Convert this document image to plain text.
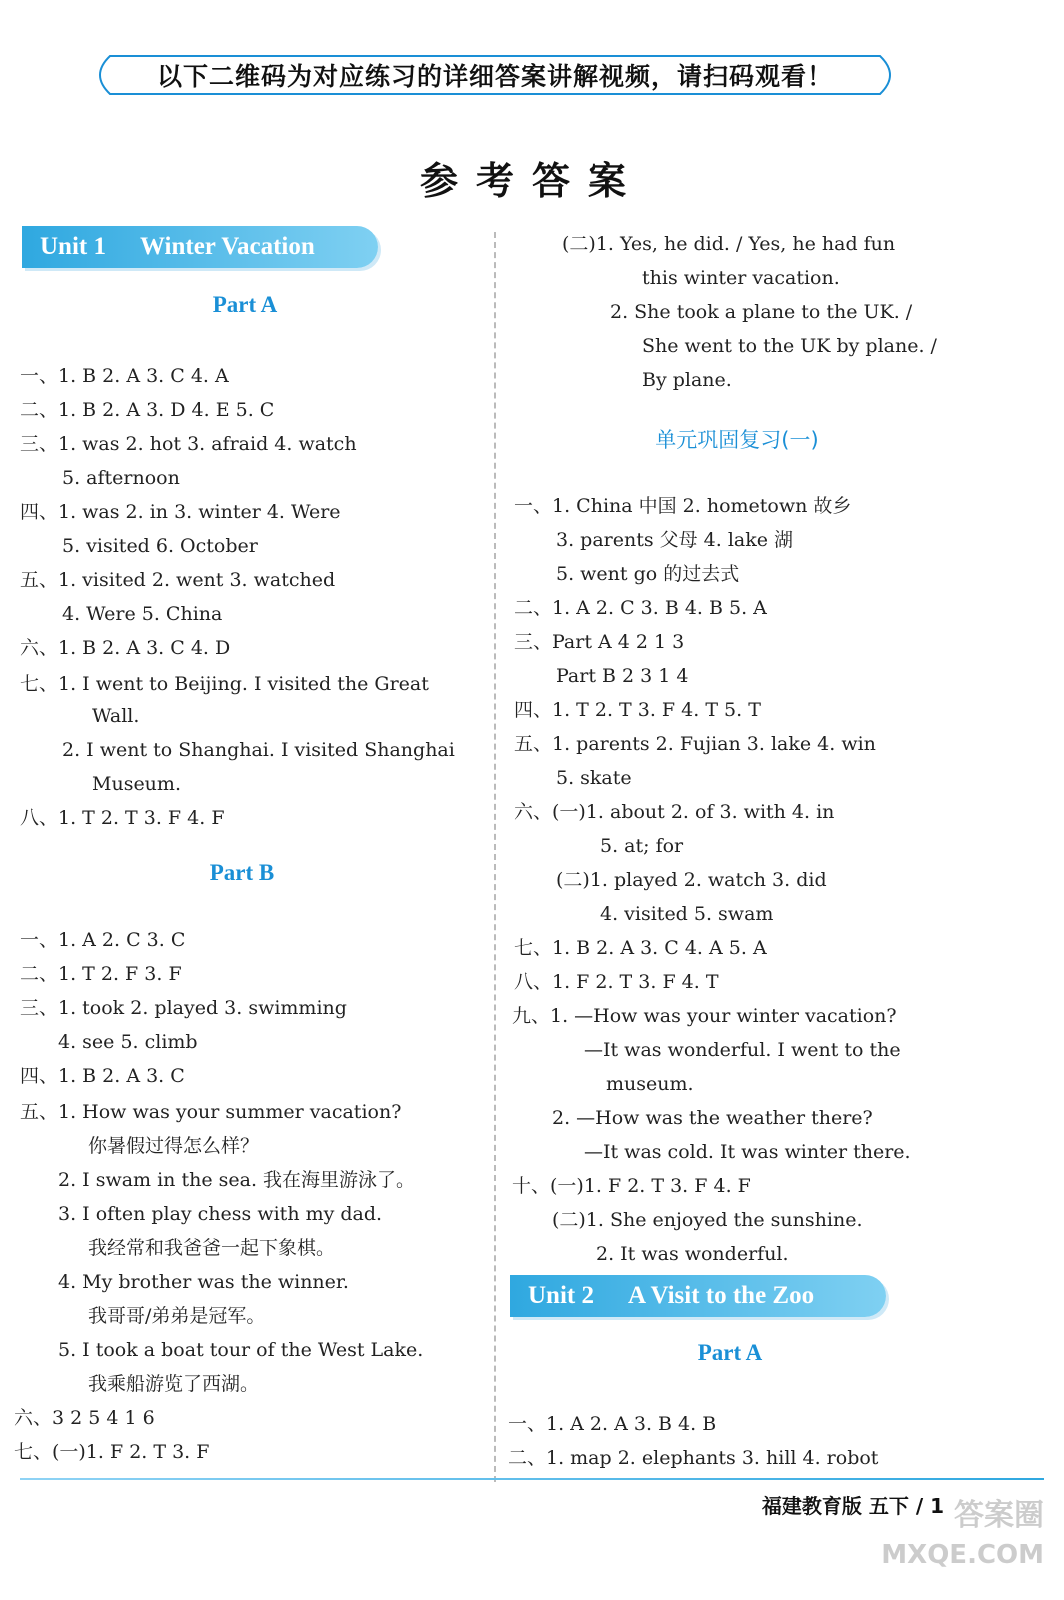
以下二维码为对应练习的详细答案讲解视频，请扫码观看！
参考答案
Unit 1 Winter Vacation
Part A
Part B
单元巩固复习(一)
Unit 2 A Visit to the Zoo
Part A
一、1. B 2. A 3. C 4. A
二、1. B 2. A 3. D 4. E 5. C
三、1. was 2. hot 3. afraid 4. watch
5. afternoon
四、1. was 2. in 3. winter 4. Were
5. visited 6. October
五、1. visited 2. went 3. watched
4. Were 5. China
六、1. B 2. A 3. C 4. D
七、1. I went to Beijing. I visited the Great
Wall.
2. I went to Shanghai. I visited Shanghai
Museum.
八、1. T 2. T 3. F 4. F
一、1. A 2. C 3. C
二、1. T 2. F 3. F
三、1. took 2. played 3. swimming
4. see 5. climb
四、1. B 2. A 3. C
五、1. How was your summer vacation?
你暑假过得怎么样？
2. I swam in the sea. 我在海里游泳了。
3. I often play chess with my dad.
我经常和我爸爸一起下象棋。
4. My brother was the winner.
我哥哥/弟弟是冠军。
5. I took a boat tour of the West Lake.
我乘船游览了西湖。
六、3 2 5 4 1 6
七、(一)1. F 2. T 3. F
(二)1. Yes, he did. / Yes, he had fun
this winter vacation.
2. She took a plane to the UK. /
She went to the UK by plane. /
By plane.
一、1. China 中国 2. hometown 故乡
3. parents 父母 4. lake 湖
5. went go 的过去式
二、1. A 2. C 3. B 4. B 5. A
三、Part A 4 2 1 3
Part B 2 3 1 4
四、1. T 2. T 3. F 4. T 5. T
五、1. parents 2. Fujian 3. lake 4. win
5. skate
六、(一)1. about 2. of 3. with 4. in
5. at; for
(二)1. played 2. watch 3. did
4. visited 5. swam
七、1. B 2. A 3. C 4. A 5. A
八、1. F 2. T 3. F 4. T
九、1. —How was your winter vacation?
—It was wonderful. I went to the
museum.
2. —How was the weather there?
—It was cold. It was winter there.
十、(一)1. F 2. T 3. F 4. F
(二)1. She enjoyed the sunshine.
2. It was wonderful.
一、1. A 2. A 3. B 4. B
二、1. map 2. elephants 3. hill 4. robot
福建教育版 五下 / 1 答案圈
MXQE.COM
